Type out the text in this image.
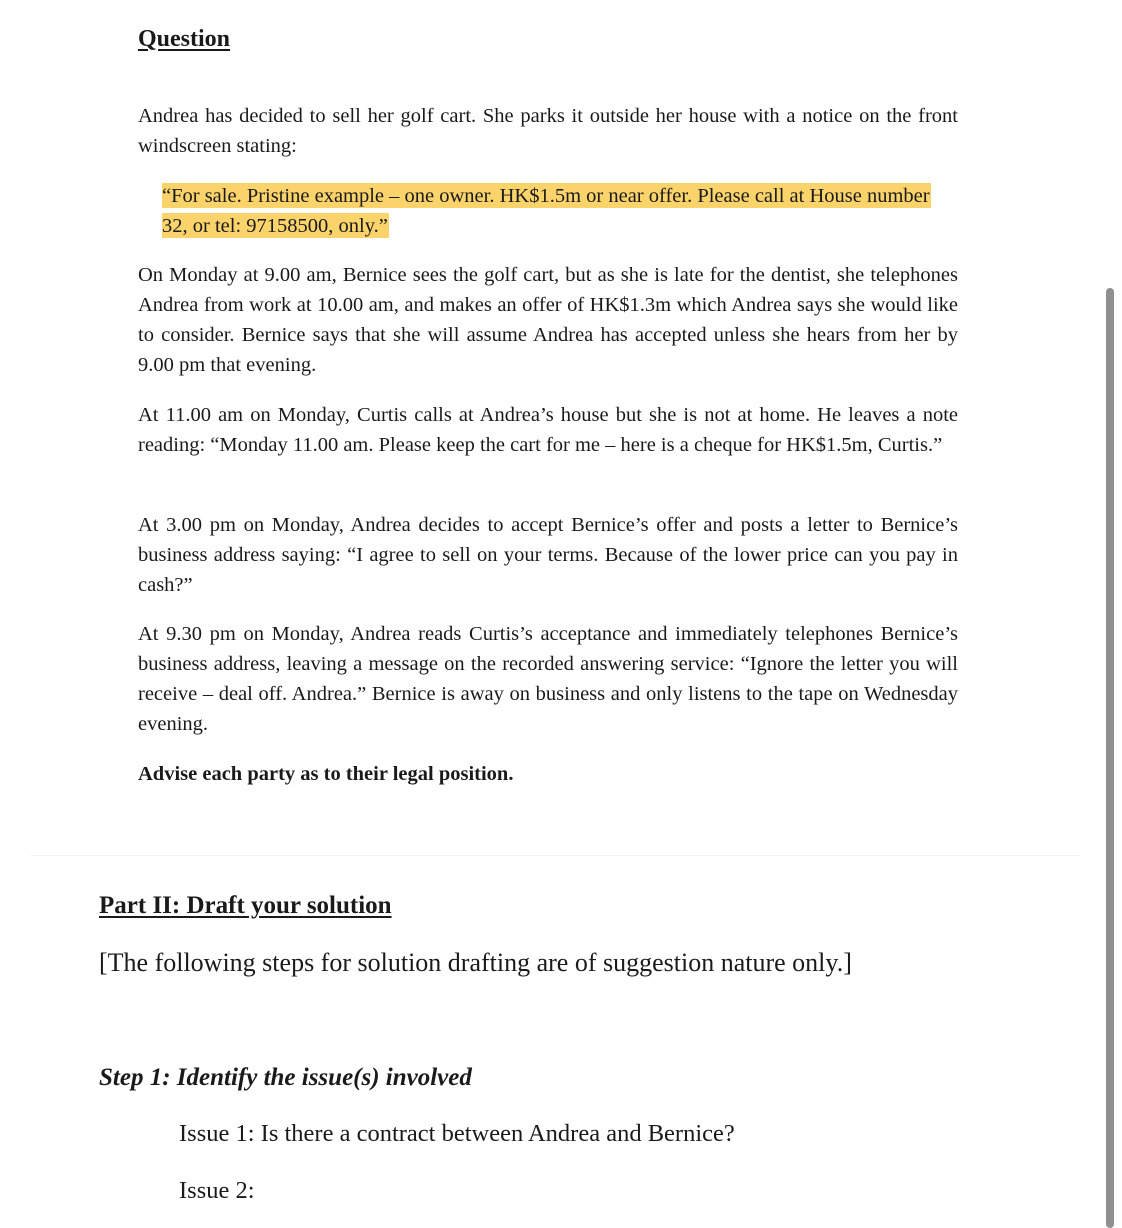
Question

Andrea has decided to sell her golf cart. She parks it outside her house with a notice on the front windscreen stating:

“For sale. Pristine example – one owner. HK$1.5m or near offer. Please call at House number 32, or tel: 97158500, only.”

On Monday at 9.00 am, Bernice sees the golf cart, but as she is late for the dentist, she telephones Andrea from work at 10.00 am, and makes an offer of HK$1.3m which Andrea says she would like to consider. Bernice says that she will assume Andrea has accepted unless she hears from her by 9.00 pm that evening.

At 11.00 am on Monday, Curtis calls at Andrea’s house but she is not at home. He leaves a note reading: “Monday 11.00 am. Please keep the cart for me – here is a cheque for HK$1.5m, Curtis.”

At 3.00 pm on Monday, Andrea decides to accept Bernice’s offer and posts a letter to Bernice’s business address saying: “I agree to sell on your terms. Because of the lower price can you pay in cash?”

At 9.30 pm on Monday, Andrea reads Curtis’s acceptance and immediately telephones Bernice’s business address, leaving a message on the recorded answering service: “Ignore the letter you will receive – deal off. Andrea.” Bernice is away on business and only listens to the tape on Wednesday evening.

Advise each party as to their legal position.

Part II: Draft your solution

[The following steps for solution drafting are of suggestion nature only.]

Step 1: Identify the issue(s) involved

Issue 1: Is there a contract between Andrea and Bernice?

Issue 2:
